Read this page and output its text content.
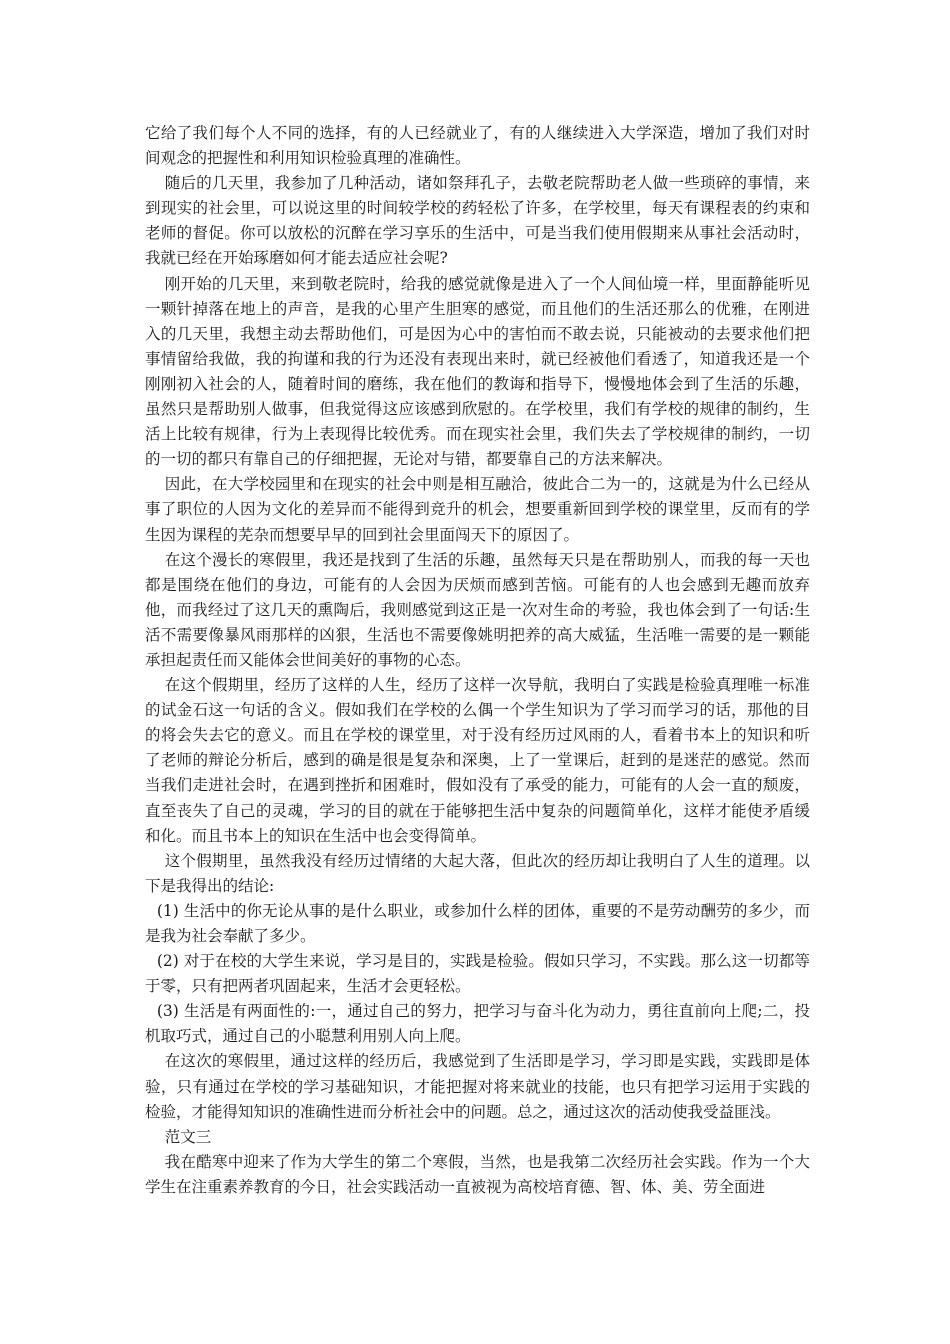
它给了我们每个人不同的选择，有的人已经就业了，有的人继续进入大学深造，增加了我们对时间观念的把握性和利用知识检验真理的准确性。

随后的几天里，我参加了几种活动，诸如祭拜孔子，去敬老院帮助老人做一些琐碎的事情，来到现实的社会里，可以说这里的时间较学校的药轻松了许多，在学校里，每天有课程表的约束和老师的督促。你可以放松的沉醉在学习享乐的生活中，可是当我们使用假期来从事社会活动时，我就已经在开始琢磨如何才能去适应社会呢?

刚开始的几天里，来到敬老院时，给我的感觉就像是进入了一个人间仙境一样，里面静能听见一颗针掉落在地上的声音，是我的心里产生胆寒的感觉，而且他们的生活还那么的优雅，在刚进入的几天里，我想主动去帮助他们，可是因为心中的害怕而不敢去说，只能被动的去要求他们把事情留给我做，我的拘谨和我的行为还没有表现出来时，就已经被他们看透了，知道我还是一个刚刚初入社会的人，随着时间的磨练，我在他们的教诲和指导下，慢慢地体会到了生活的乐趣，虽然只是帮助别人做事，但我觉得这应该感到欣慰的。在学校里，我们有学校的规律的制约，生活上比较有规律，行为上表现得比较优秀。而在现实社会里，我们失去了学校规律的制约，一切的一切的都只有靠自己的仔细把握，无论对与错，都要靠自己的方法来解决。

因此，在大学校园里和在现实的社会中则是相互融洽，彼此合二为一的，这就是为什么已经从事了职位的人因为文化的差异而不能得到竞升的机会，想要重新回到学校的课堂里，反而有的学生因为课程的芜杂而想要早早的回到社会里面闯天下的原因了。

在这个漫长的寒假里，我还是找到了生活的乐趣，虽然每天只是在帮助别人，而我的每一天也都是围绕在他们的身边，可能有的人会因为厌烦而感到苦恼。可能有的人也会感到无趣而放弃他，而我经过了这几天的熏陶后，我则感觉到这正是一次对生命的考验，我也体会到了一句话:生活不需要像暴风雨那样的凶狠，生活也不需要像姚明把养的高大威猛，生活唯一需要的是一颗能承担起责任而又能体会世间美好的事物的心态。

在这个假期里，经历了这样的人生，经历了这样一次导航，我明白了实践是检验真理唯一标准的试金石这一句话的含义。假如我们在学校的么偶一个学生知识为了学习而学习的话，那他的目的将会失去它的意义。而且在学校的课堂里，对于没有经历过风雨的人，看着书本上的知识和听了老师的辩论分析后，感到的确是很是复杂和深奥，上了一堂课后，赶到的是迷茫的感觉。然而当我们走进社会时，在遇到挫折和困难时，假如没有了承受的能力，可能有的人会一直的颓废，直至丧失了自己的灵魂，学习的目的就在于能够把生活中复杂的问题简单化，这样才能使矛盾缓和化。而且书本上的知识在生活中也会变得简单。

这个假期里，虽然我没有经历过情绪的大起大落，但此次的经历却让我明白了人生的道理。以下是我得出的结论:

(1) 生活中的你无论从事的是什么职业，或参加什么样的团体，重要的不是劳动酬劳的多少，而是我为社会奉献了多少。

(2) 对于在校的大学生来说，学习是目的，实践是检验。假如只学习，不实践。那么这一切都等于零，只有把两者巩固起来，生活才会更轻松。

(3) 生活是有两面性的:一，通过自己的努力，把学习与奋斗化为动力，勇往直前向上爬;二，投机取巧式，通过自己的小聪慧利用别人向上爬。

在这次的寒假里，通过这样的经历后，我感觉到了生活即是学习，学习即是实践，实践即是体验，只有通过在学校的学习基础知识，才能把握对将来就业的技能，也只有把学习运用于实践的检验，才能得知知识的准确性进而分析社会中的问题。总之，通过这次的活动使我受益匪浅。

范文三

我在酷寒中迎来了作为大学生的第二个寒假，当然，也是我第二次经历社会实践。作为一个大学生在注重素养教育的今日，社会实践活动一直被视为高校培育德、智、体、美、劳全面进
